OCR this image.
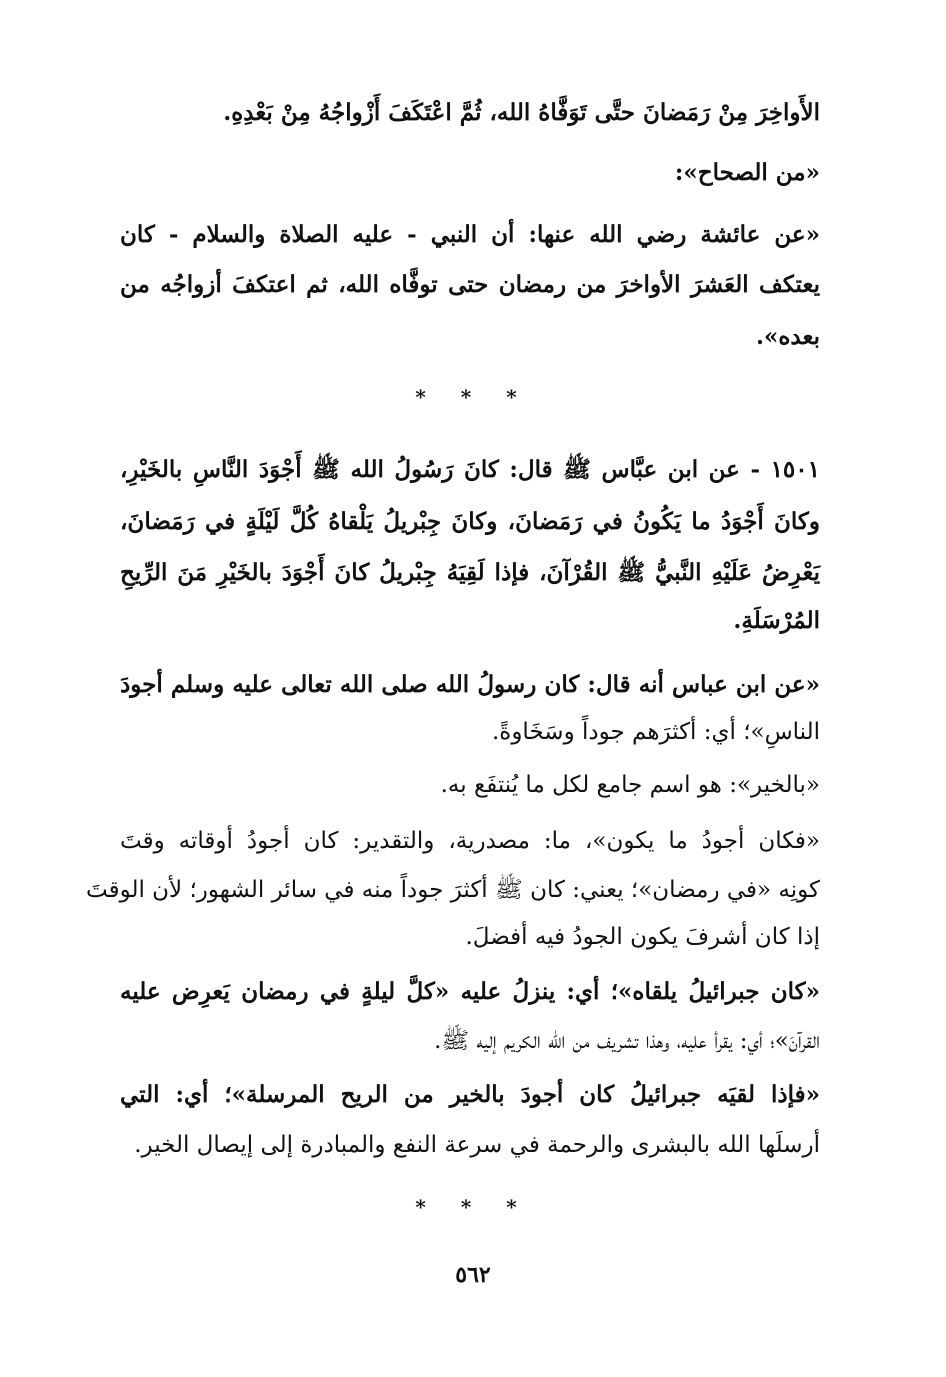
الأَواخِرَ مِنْ رَمَضانَ حتَّى تَوَفَّاهُ الله، ثُمَّ اعْتَكَفَ أَزْواجُهُ مِنْ بَعْدِهِ.
«من الصحاح»:
«عن عائشة رضي الله عنها: أن النبي - عليه الصلاة والسلام - كان
يعتكف العَشرَ الأواخرَ من رمضان حتى توفَّاه الله، ثم اعتكفَ أزواجُه من
بعده».
* * *
١٥٠١ - عن ابن عبَّاس ﷺ قال: كانَ رَسُولُ الله ﷺ أَجْوَدَ النَّاسِ بالخَيْرِ،
وكانَ أَجْوَدُ ما يَكُونُ في رَمَضانَ، وكانَ جِبْريلُ يَلْقاهُ كُلَّ لَيْلَةٍ في رَمَضانَ،
يَعْرِضُ عَلَيْهِ النَّبيُّ ﷺ القُرْآنَ، فإذا لَقِيَهُ جِبْريلُ كانَ أَجْوَدَ بالخَيْرِ مَنَ الرِّيحِ
المُرْسَلَةِ.
«عن ابن عباس أنه قال: كان رسولُ الله صلى الله تعالى عليه وسلم أجودَ
الناسِ»؛ أي: أكثرَهم جوداً وسَخَاوةً.
«بالخير»: هو اسم جامع لكل ما يُنتفَع به.
«فكان أجودُ ما يكون»، ما: مصدرية، والتقدير: كان أجودُ أوقاته وقتَ
كونِه «في رمضان»؛ يعني: كان ﷺ أكثرَ جوداً منه في سائر الشهور؛ لأن الوقتَ
إذا كان أشرفَ يكون الجودُ فيه أفضلَ.
«كان جبرائيلُ يلقاه»؛ أي: ينزلُ عليه «كلَّ ليلةٍ في رمضان يَعرِض عليه
القرآنَ»؛ أي: يقرأ عليه، وهذا تشريف من الله الكريم إليه ﷺ.
«فإذا لقيَه جبرائيلُ كان أجودَ بالخير من الريح المرسلة»؛ أي: التي
أرسلَها الله بالبشرى والرحمة في سرعة النفع والمبادرة إلى إيصال الخير.
* * *
٥٦٢
